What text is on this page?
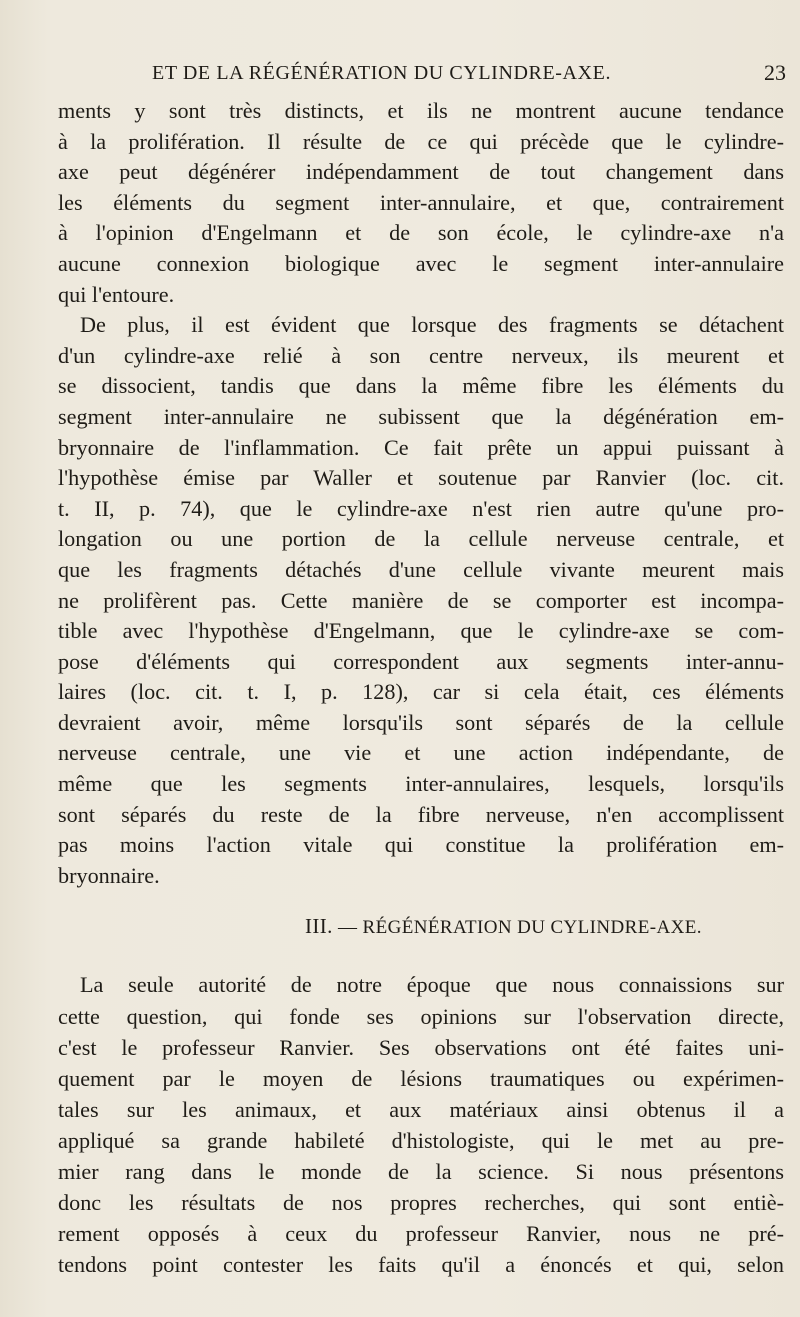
ET DE LA RÉGÉNÉRATION DU CYLINDRE-AXE.	23
ments y sont très distincts, et ils ne montrent aucune tendance
à la prolifération. Il résulte de ce qui précède que le cylindre-
axe peut dégénérer indépendamment de tout changement dans
les éléments du segment inter-annulaire, et que, contrairement
à l'opinion d'Engelmann et de son école, le cylindre-axe n'a
aucune connexion biologique avec le segment inter-annulaire
qui l'entoure.
De plus, il est évident que lorsque des fragments se détachent
d'un cylindre-axe relié à son centre nerveux, ils meurent et
se dissocient, tandis que dans la même fibre les éléments du
segment inter-annulaire ne subissent que la dégénération em-
bryonnaire de l'inflammation. Ce fait prête un appui puissant à
l'hypothèse émise par Waller et soutenue par Ranvier (loc. cit.
t. II, p. 74), que le cylindre-axe n'est rien autre qu'une pro-
longation ou une portion de la cellule nerveuse centrale, et
que les fragments détachés d'une cellule vivante meurent mais
ne prolifèrent pas. Cette manière de se comporter est incompa-
tible avec l'hypothèse d'Engelmann, que le cylindre-axe se com-
pose d'éléments qui correspondent aux segments inter-annu-
laires (loc. cit. t. I, p. 128), car si cela était, ces éléments
devraient avoir, même lorsqu'ils sont séparés de la cellule
nerveuse centrale, une vie et une action indépendante, de
même que les segments inter-annulaires, lesquels, lorsqu'ils
sont séparés du reste de la fibre nerveuse, n'en accomplissent
pas moins l'action vitale qui constitue la prolifération em-
bryonnaire.
III. — RÉGÉNÉRATION DU CYLINDRE-AXE.
La seule autorité de notre époque que nous connaissions sur
cette question, qui fonde ses opinions sur l'observation directe,
c'est le professeur Ranvier. Ses observations ont été faites uni-
quement par le moyen de lésions traumatiques ou expérimen-
tales sur les animaux, et aux matériaux ainsi obtenus il a
appliqué sa grande habileté d'histologiste, qui le met au pre-
mier rang dans le monde de la science. Si nous présentons
donc les résultats de nos propres recherches, qui sont entiè-
rement opposés à ceux du professeur Ranvier, nous ne pré-
tendons point contester les faits qu'il a énoncés et qui, selon
